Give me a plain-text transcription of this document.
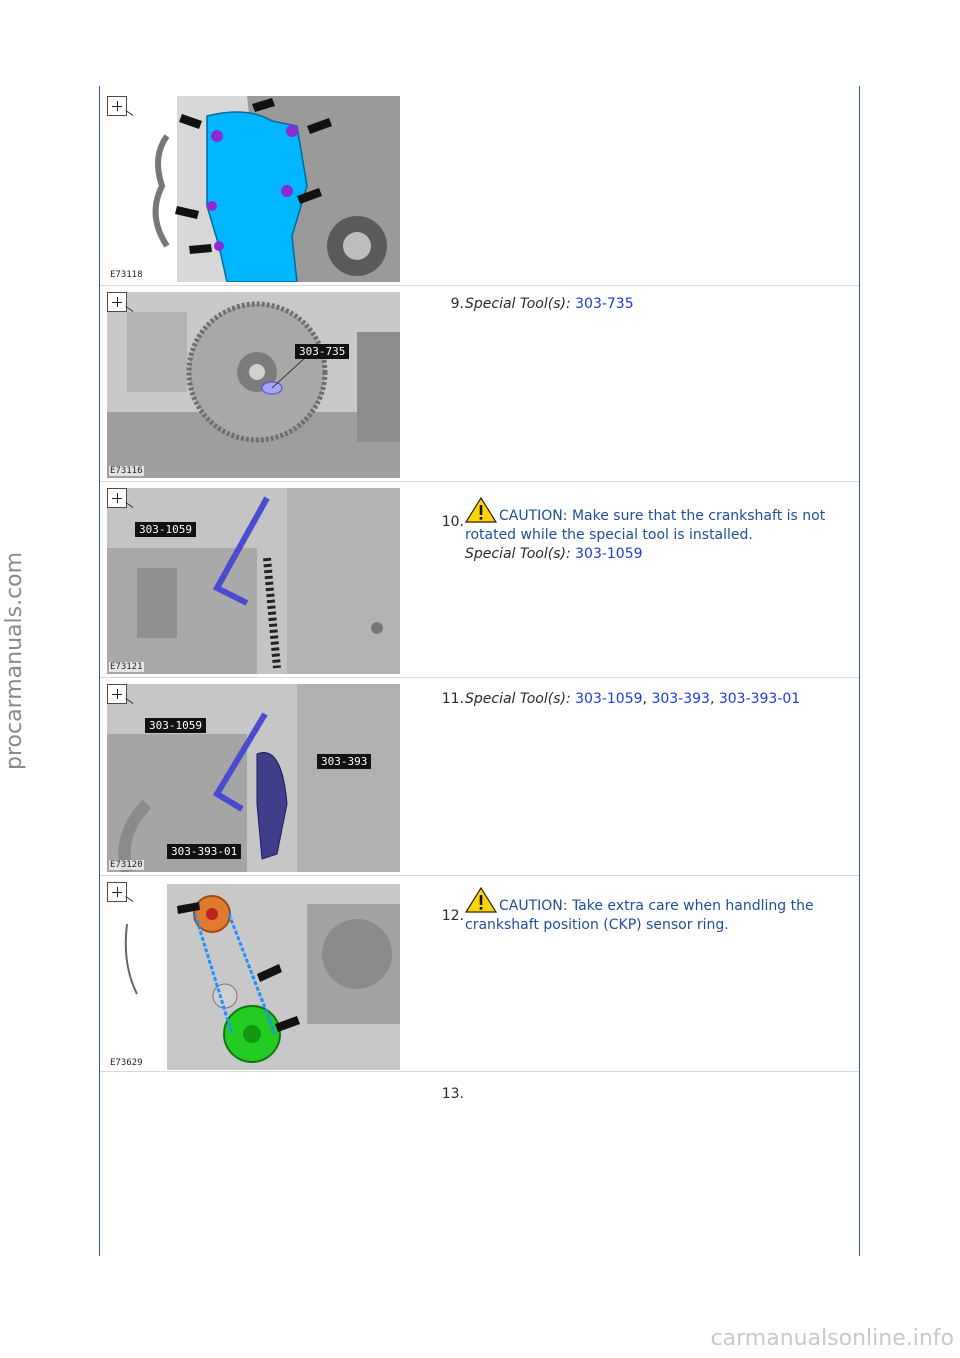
procarmanuals.com
carmanualsonline.info
E73118
303-735
E73116
9. Special Tool(s): 303-735
303-1059
E73121
10.	CAUTION: Make sure that the crankshaft is not rotated while the special tool is installed.
Special Tool(s): 303-1059
303-1059
303-393
303-393-01
E73120
11. Special Tool(s): 303-1059, 303-393, 303-393-01
E73629
12.
CAUTION: Take extra care when handling the crankshaft position (CKP) sensor ring.
13.
